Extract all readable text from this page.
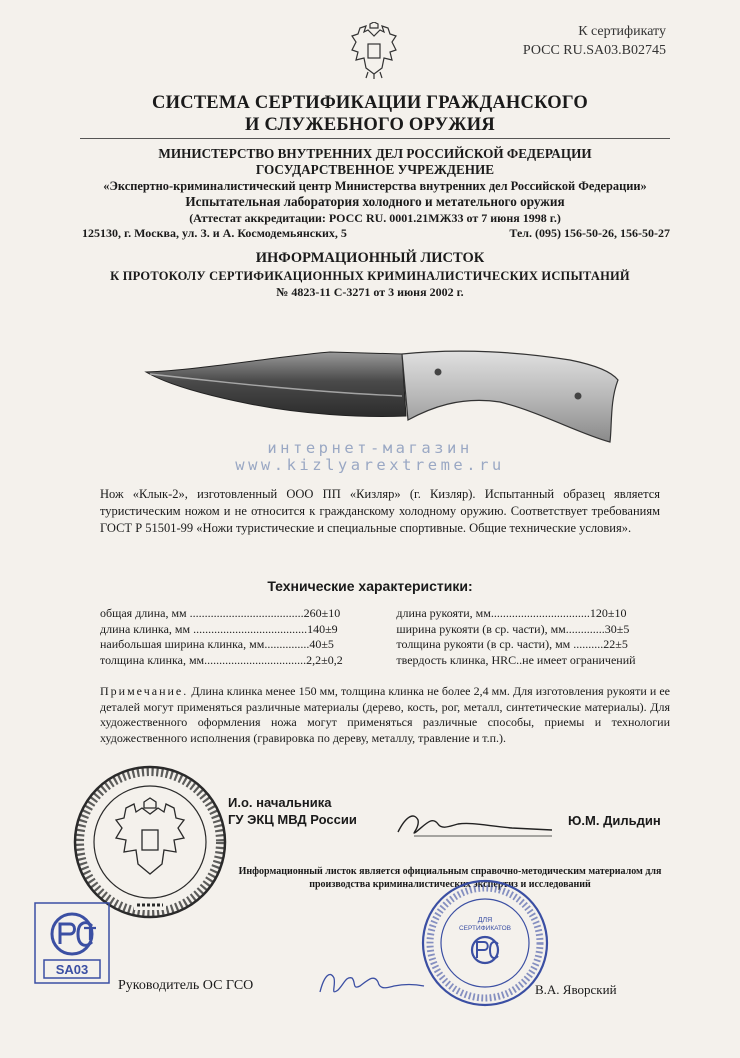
К сертификату
РОСС RU.SA03.B02745
СИСТЕМА СЕРТИФИКАЦИИ ГРАЖДАНСКОГО
И СЛУЖЕБНОГО ОРУЖИЯ
МИНИСТЕРСТВО ВНУТРЕННИХ ДЕЛ РОССИЙСКОЙ ФЕДЕРАЦИИ
ГОСУДАРСТВЕННОЕ УЧРЕЖДЕНИЕ
«Экспертно-криминалистический центр Министерства внутренних дел Российской Федерации»
Испытательная лаборатория холодного и метательного оружия
(Аттестат аккредитации: РОСС RU. 0001.21МЖ33 от 7 июня 1998 г.)
125130, г. Москва, ул. З. и А. Космодемьянских, 5	Тел. (095) 156-50-26, 156-50-27
ИНФОРМАЦИОННЫЙ ЛИСТОК
К ПРОТОКОЛУ СЕРТИФИКАЦИОННЫХ КРИМИНАЛИСТИЧЕСКИХ ИСПЫТАНИЙ
№ 4823-11 С-3271 от 3 июня 2002 г.
интернет-магазин
www.kizlyarextreme.ru
Нож «Клык-2», изготовленный ООО ПП «Кизляр» (г. Кизляр). Испытанный образец является туристическим ножом и не относится к гражданскому холодному оружию. Соответствует требованиям ГОСТ Р 51501-99 «Ножи туристические и специальные спортивные. Общие технические условия».
Технические характеристики:
общая длина, мм ......................................260±10	длина рукояти, мм.................................120±10
длина клинка, мм ......................................140±9	ширина рукояти (в ср. части), мм.............30±5
наибольшая ширина клинка, мм...............40±5	толщина рукояти (в ср. части), мм ..........22±5
толщина клинка, мм..................................2,2±0,2	твердость клинка, HRC..не имеет ограничений
Примечание. Длина клинка менее 150 мм, толщина клинка не более 2,4 мм. Для изготовления рукояти и ее деталей могут применяться различные материалы (дерево, кость, рог, металл, синтетические материалы). Для художественного оформления ножа могут применяться различные способы, приемы и технологии художественного исполнения (гравировка по дереву, металлу, травление и т.п.).
И.о. начальника
ГУ ЭКЦ МВД России	Ю.М. Дильдин
Информационный листок является официальным справочно-методическим материалом для производства криминалистических экспертиз и исследований
SA03
ДЛЯ
СЕРТИФИКАТОВ
Руководитель ОС ГСО	В.А. Яворский
